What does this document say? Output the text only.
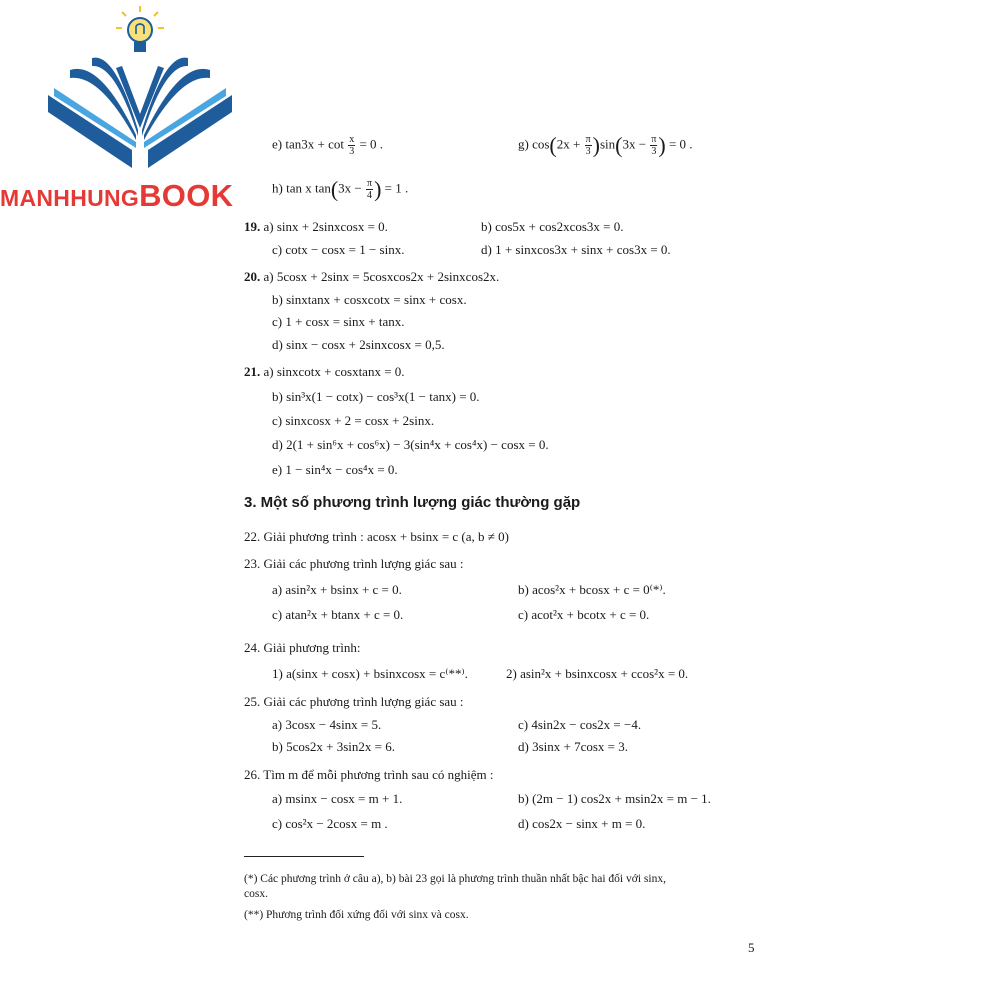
MANHHUNGBOOK
e) $\tan 3x + \cot \frac{x}{3} = 0$ .	g) $\cos(2x + \frac{\pi}{3} )\sin(3x - \frac{\pi}{3}$ ) = 0 .
h) tan x $\tan(3x - \frac{\pi}{4}$ ) = 1 .
19. a) sinx + 2sinxcosx = 0.	b) cos5x + cos2xcos3x = 0.
c) cotx − cosx = 1 − sinx.	d) 1 + sinxcos3x + sinx + cos3x = 0.
20. a) 5cosx + 2sinx = 5cosxcos2x + 2sinxcos2x.
b) sinxtanx + cosxcotx = sinx + cosx.
c) 1 + cosx = sinx + tanx.
d) sinx − cosx + 2sinxcosx = 0,5.
21. a) sinxcotx + cosxtanx = 0.
b) sin³x(1 − cotx) − cos³x(1 − tanx) = 0.
c) sinxcosx + 2 = cosx + 2sinx.
d) 2(1 + sin⁶x + cos⁶x) − 3(sin⁴x + cos⁴x) − cosx = 0.
e) 1 − sin⁴x − cos⁴x = 0.
3. Một số phương trình lượng giác thường gặp
22. Giải phương trình : acosx + bsinx = c (a, b ≠ 0)
23. Giải các phương trình lượng giác sau :
a) asin²x + bsinx + c = 0.	b) acos²x + bcosx + c = 0⁽*⁾.
c) atan²x + btanx + c = 0.	c) acot²x + bcotx + c = 0.
24. Giải phương trình:
1) a(sinx + cosx) + bsinxcosx = c⁽**⁾.	2) asin²x + bsinxcosx + ccos²x = 0.
25. Giải các phương trình lượng giác sau :
a) 3cosx − 4sinx = 5.	c) 4sin2x − cos2x = −4.
b) 5cos2x + 3sin2x = 6.	d) 3sinx + 7cosx = 3.
26. Tìm m để mỗi phương trình sau có nghiệm :
a) msinx − cosx = m + 1.	b) (2m − 1) cos2x + msin2x = m − 1.
c) cos²x − 2cosx = m .	d) cos2x − sinx + m = 0.
(*) Các phương trình ở câu a), b) bài 23 gọi là phương trình thuần nhất bậc hai đối với sinx,
cosx.
(**) Phương trình đối xứng đối với sinx và cosx.
5
